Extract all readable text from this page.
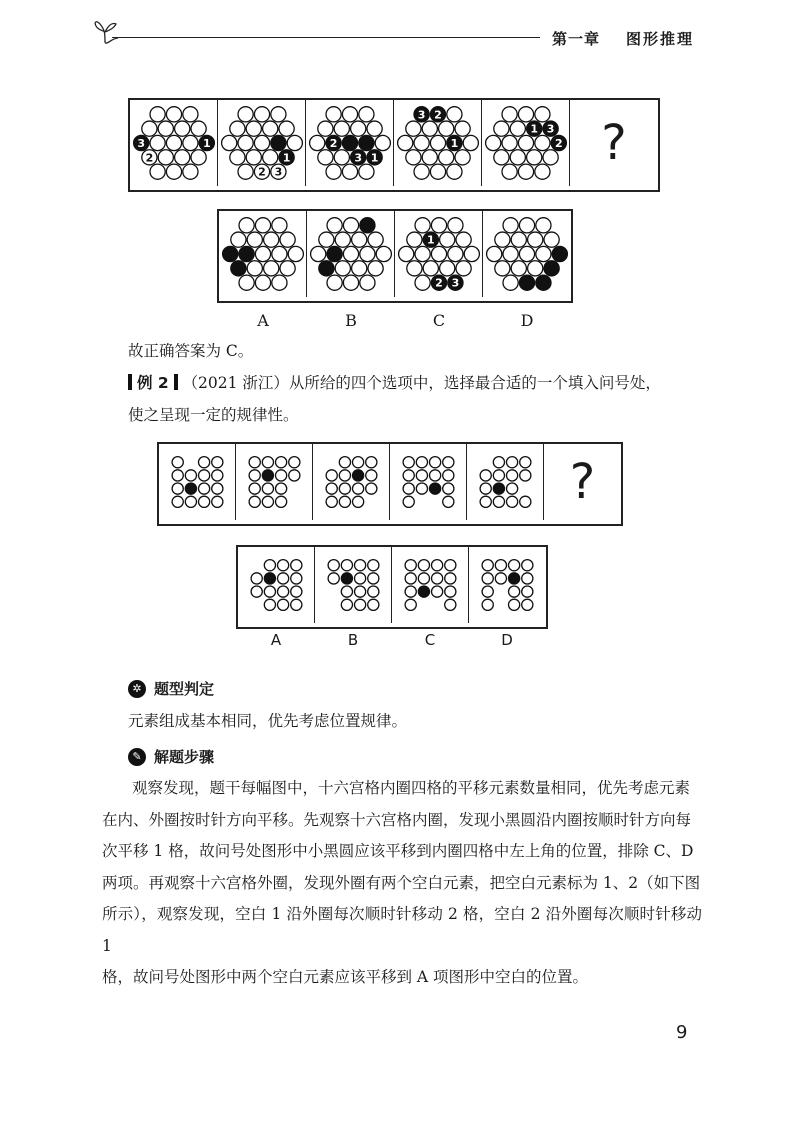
第一章 图形推理
3	1
2	1
2 3
2
3 1
3 2
1
1 3
2 ?
1
2 3
A	B	C	D
故正确答案为 C。
例 2 （2021 浙江）从所给的四个选项中，选择最合适的一个填入问号处，
使之呈现一定的规律性。
?
A	B	C	D
✲ 题型判定
元素组成基本相同，优先考虑位置规律。
✎ 解题步骤
观察发现，题干每幅图中，十六宫格内圈四格的平移元素数量相同，优先考虑元素
在内、外圈按时针方向平移。先观察十六宫格内圈，发现小黑圆沿内圈按顺时针方向每
次平移 1 格，故问号处图形中小黑圆应该平移到内圈四格中左上角的位置，排除 C、D
两项。再观察十六宫格外圈，发现外圈有两个空白元素，把空白元素标为 1、2（如下图
所示），观察发现，空白 1 沿外圈每次顺时针移动 2 格，空白 2 沿外圈每次顺时针移动 1
格，故问号处图形中两个空白元素应该平移到 A 项图形中空白的位置。
9
